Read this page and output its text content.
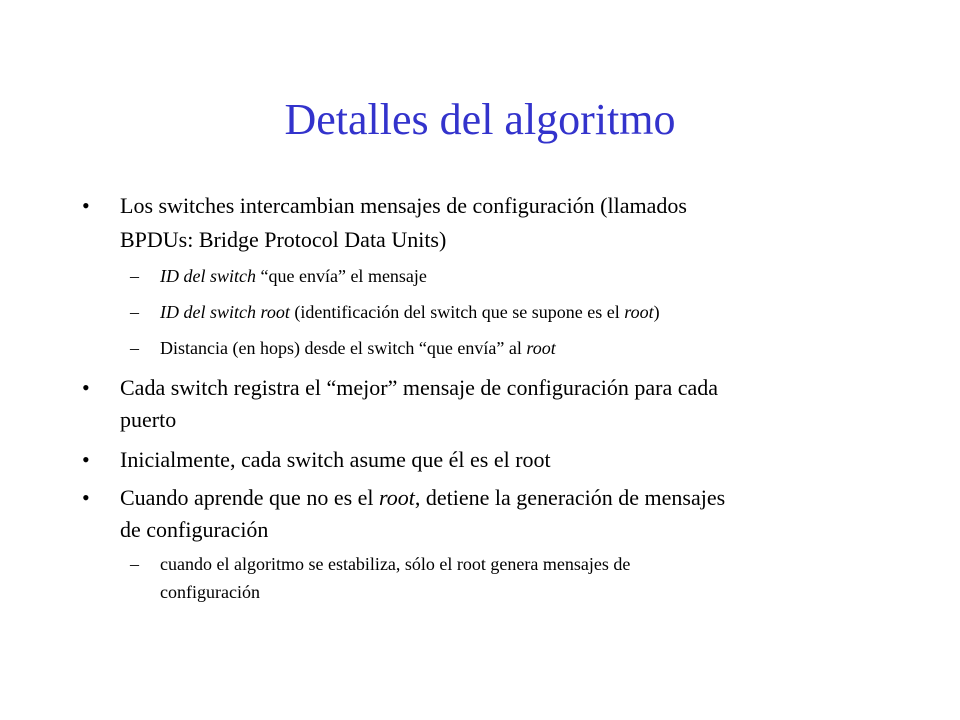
Detalles del algoritmo
•	Los switches intercambian mensajes de configuración (llamados
BPDUs: Bridge Protocol Data Units)
–	ID del switch “que envía” el mensaje
–	ID del switch root (identificación del switch que se supone es el root)
–	Distancia (en hops) desde el switch “que envía” al root
•	Cada switch registra el “mejor” mensaje de configuración para cada
puerto
•	Inicialmente, cada switch asume que él es el root
•	Cuando aprende que no es el root, detiene la generación de mensajes
de configuración
–	cuando el algoritmo se estabiliza, sólo el root genera mensajes de
configuración
